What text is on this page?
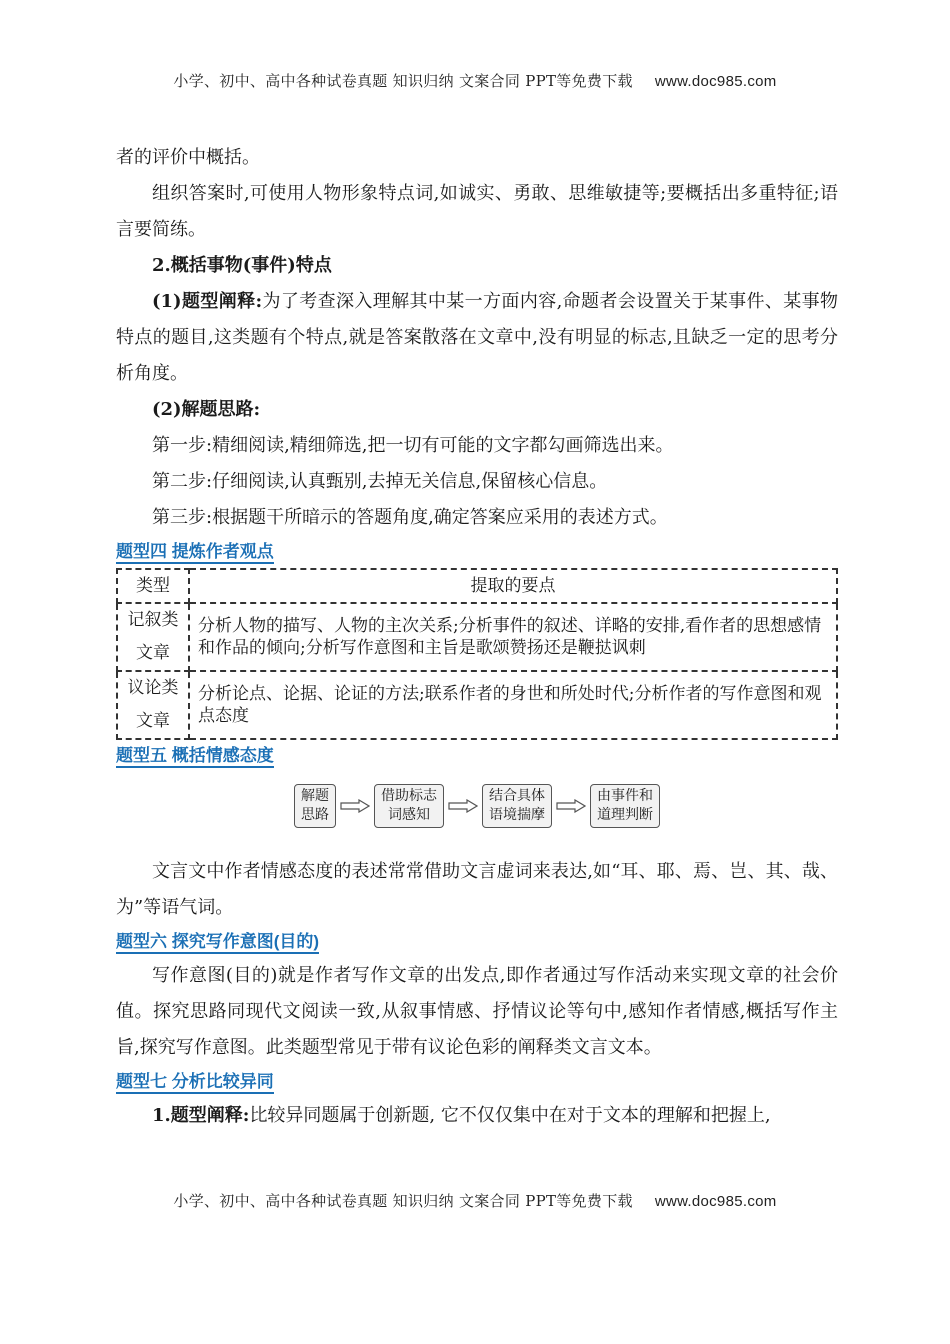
小学、初中、高中各种试卷真题 知识归纳 文案合同 PPT等免费下载 www.doc985.com

者的评价中概括。

组织答案时,可使用人物形象特点词,如诚实、勇敢、思维敏捷等;要概括出多重特征;语言要简练。

2.概括事物(事件)特点

(1)题型阐释:为了考查深入理解其中某一方面内容,命题者会设置关于某事件、某事物特点的题目,这类题有个特点,就是答案散落在文章中,没有明显的标志,且缺乏一定的思考分析角度。

(2)解题思路:

第一步:精细阅读,精细筛选,把一切有可能的文字都勾画筛选出来。

第二步:仔细阅读,认真甄别,去掉无关信息,保留核心信息。

第三步:根据题干所暗示的答题角度,确定答案应采用的表述方式。

题型四 提炼作者观点
类型	提取的要点
记叙类
文章	分析人物的描写、人物的主次关系;分析事件的叙述、详略的安排,看作者的思想感情和作品的倾向;分析写作意图和主旨是歌颂赞扬还是鞭挞讽刺
议论类
文章	分析论点、论据、论证的方法;联系作者的身世和所处时代;分析作者的写作意图和观点态度
题型五 概括情感态度
解题
思路
借助标志
词感知
结合具体
语境揣摩
由事件和
道理判断

文言文中作者情感态度的表述常常借助文言虚词来表达,如“耳、耶、焉、岂、其、哉、为”等语气词。

题型六 探究写作意图(目的)

写作意图(目的)就是作者写作文章的出发点,即作者通过写作活动来实现文章的社会价值。探究思路同现代文阅读一致,从叙事情感、抒情议论等句中,感知作者情感,概括写作主旨,探究写作意图。此类题型常见于带有议论色彩的阐释类文言文本。

题型七 分析比较异同

1.题型阐释:比较异同题属于创新题, 它不仅仅集中在对于文本的理解和把握上,

小学、初中、高中各种试卷真题 知识归纳 文案合同 PPT等免费下载 www.doc985.com
